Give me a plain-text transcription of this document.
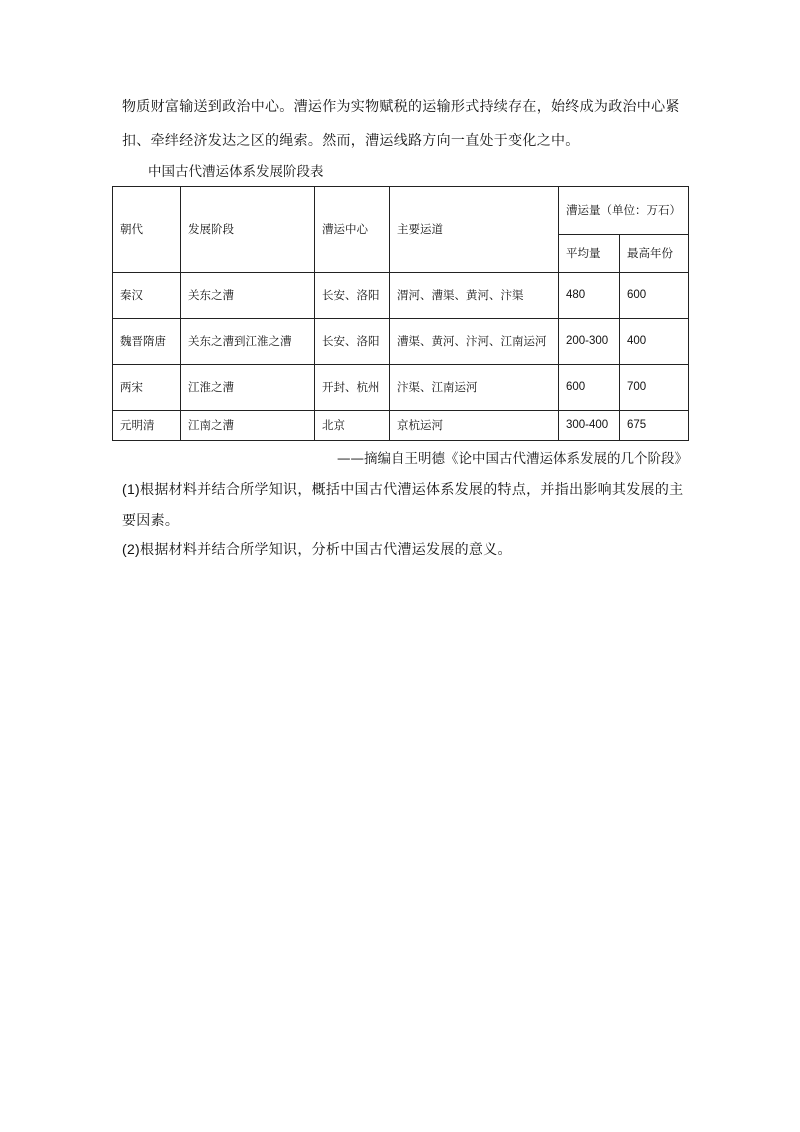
物质财富输送到政治中心。漕运作为实物赋税的运输形式持续存在，始终成为政治中心紧
扣、牵绊经济发达之区的绳索。然而，漕运线路方向一直处于变化之中。
中国古代漕运体系发展阶段表
朝代	发展阶段	漕运中心	主要运道	漕运量（单位：万石）	
				平均量	最高年份
秦汉	关东之漕	长安、洛阳	渭河、漕渠、黄河、汴渠	480	600
魏晋隋唐	关东之漕到江淮之漕	长安、洛阳	漕渠、黄河、汴河、江南运河	200-300	400
两宋	江淮之漕	开封、杭州	汴渠、江南运河	600	700
元明清	江南之漕	北京	京杭运河	300-400	675
——摘编自王明德《论中国古代漕运体系发展的几个阶段》
(1)根据材料并结合所学知识，概括中国古代漕运体系发展的特点，并指出影响其发展的主
要因素。
(2)根据材料并结合所学知识，分析中国古代漕运发展的意义。
